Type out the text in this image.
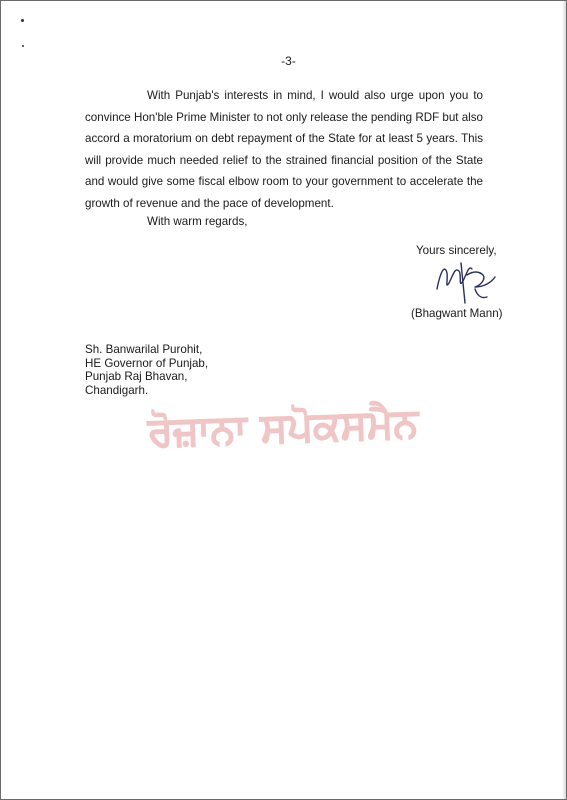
-3-

With Punjab's interests in mind, I would also urge upon you to convince Hon'ble Prime Minister to not only release the pending RDF but also accord a moratorium on debt repayment of the State for at least 5 years. This will provide much needed relief to the strained financial position of the State and would give some fiscal elbow room to your government to accelerate the growth of revenue and the pace of development.

With warm regards,
Yours sincerely,
(Bhagwant Mann)
Sh. Banwarilal Purohit,
HE Governor of Punjab,
Punjab Raj Bhavan,
Chandigarh.
ਰੋਜ਼ਾਨਾ ਸਪੋਕਸਮੈਨ
